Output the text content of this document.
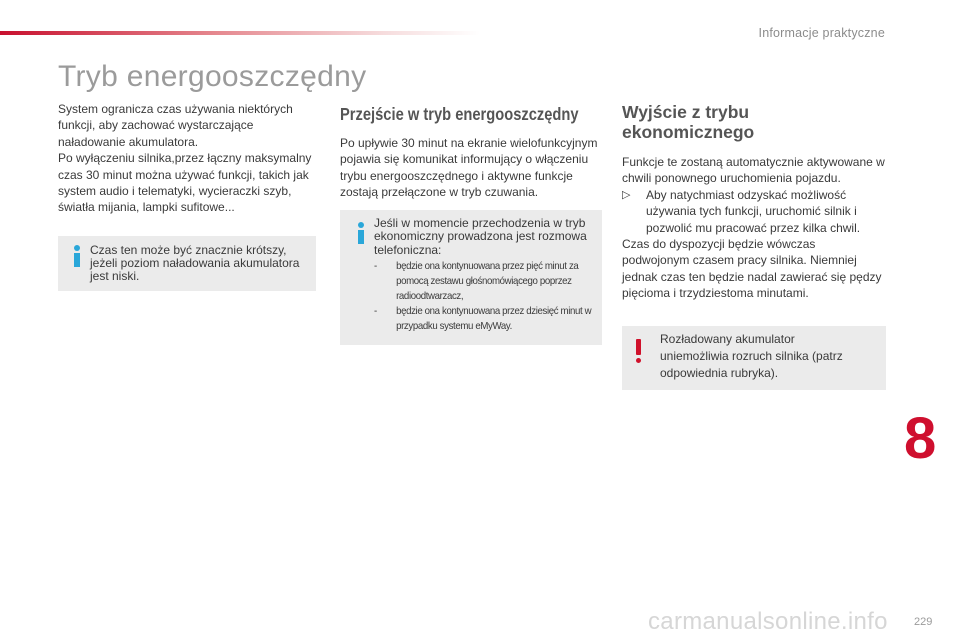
Informacje praktyczne
Tryb energooszczędny

System ogranicza czas używania niektórych funkcji, aby zachować wystarczające naładowanie akumulatora.

Po wyłączeniu silnika,przez łączny maksymalny czas 30 minut można używać funkcji, takich jak system audio i telematyki, wycieraczki szyb, światła mijania, lampki sufitowe...

Czas ten może być znacznie krótszy, jeżeli poziom naładowania akumulatora jest niski.
Przejście w tryb energooszczędny

Po upływie 30 minut na ekranie wielofunkcyjnym pojawia się komunikat informujący o włączeniu trybu energooszczędnego i aktywne funkcje zostają przełączone w tryb czuwania.

Jeśli w momencie przechodzenia w tryb ekonomiczny prowadzona jest rozmowa telefoniczna:
- będzie ona kontynuowana przez pięć minut za pomocą zestawu głośnomówiącego poprzez radioodtwarzacz,
- będzie ona kontynuowana przez dziesięć minut w przypadku systemu eMyWay.
Wyjście z trybu
ekonomicznego

Funkcje te zostaną automatycznie aktywowane w chwili ponownego uruchomienia pojazdu.

▷ Aby natychmiast odzyskać możliwość używania tych funkcji, uruchomić silnik i pozwolić mu pracować przez kilka chwil.

Czas do dyspozycji będzie wówczas podwojonym czasem pracy silnika. Niemniej jednak czas ten będzie nadal zawierać się pędzy pięcioma i trzydziestoma minutami.

Rozładowany akumulator uniemożliwia rozruch silnika (patrz odpowiednia rubryka).
8
carmanualsonline.info 229
